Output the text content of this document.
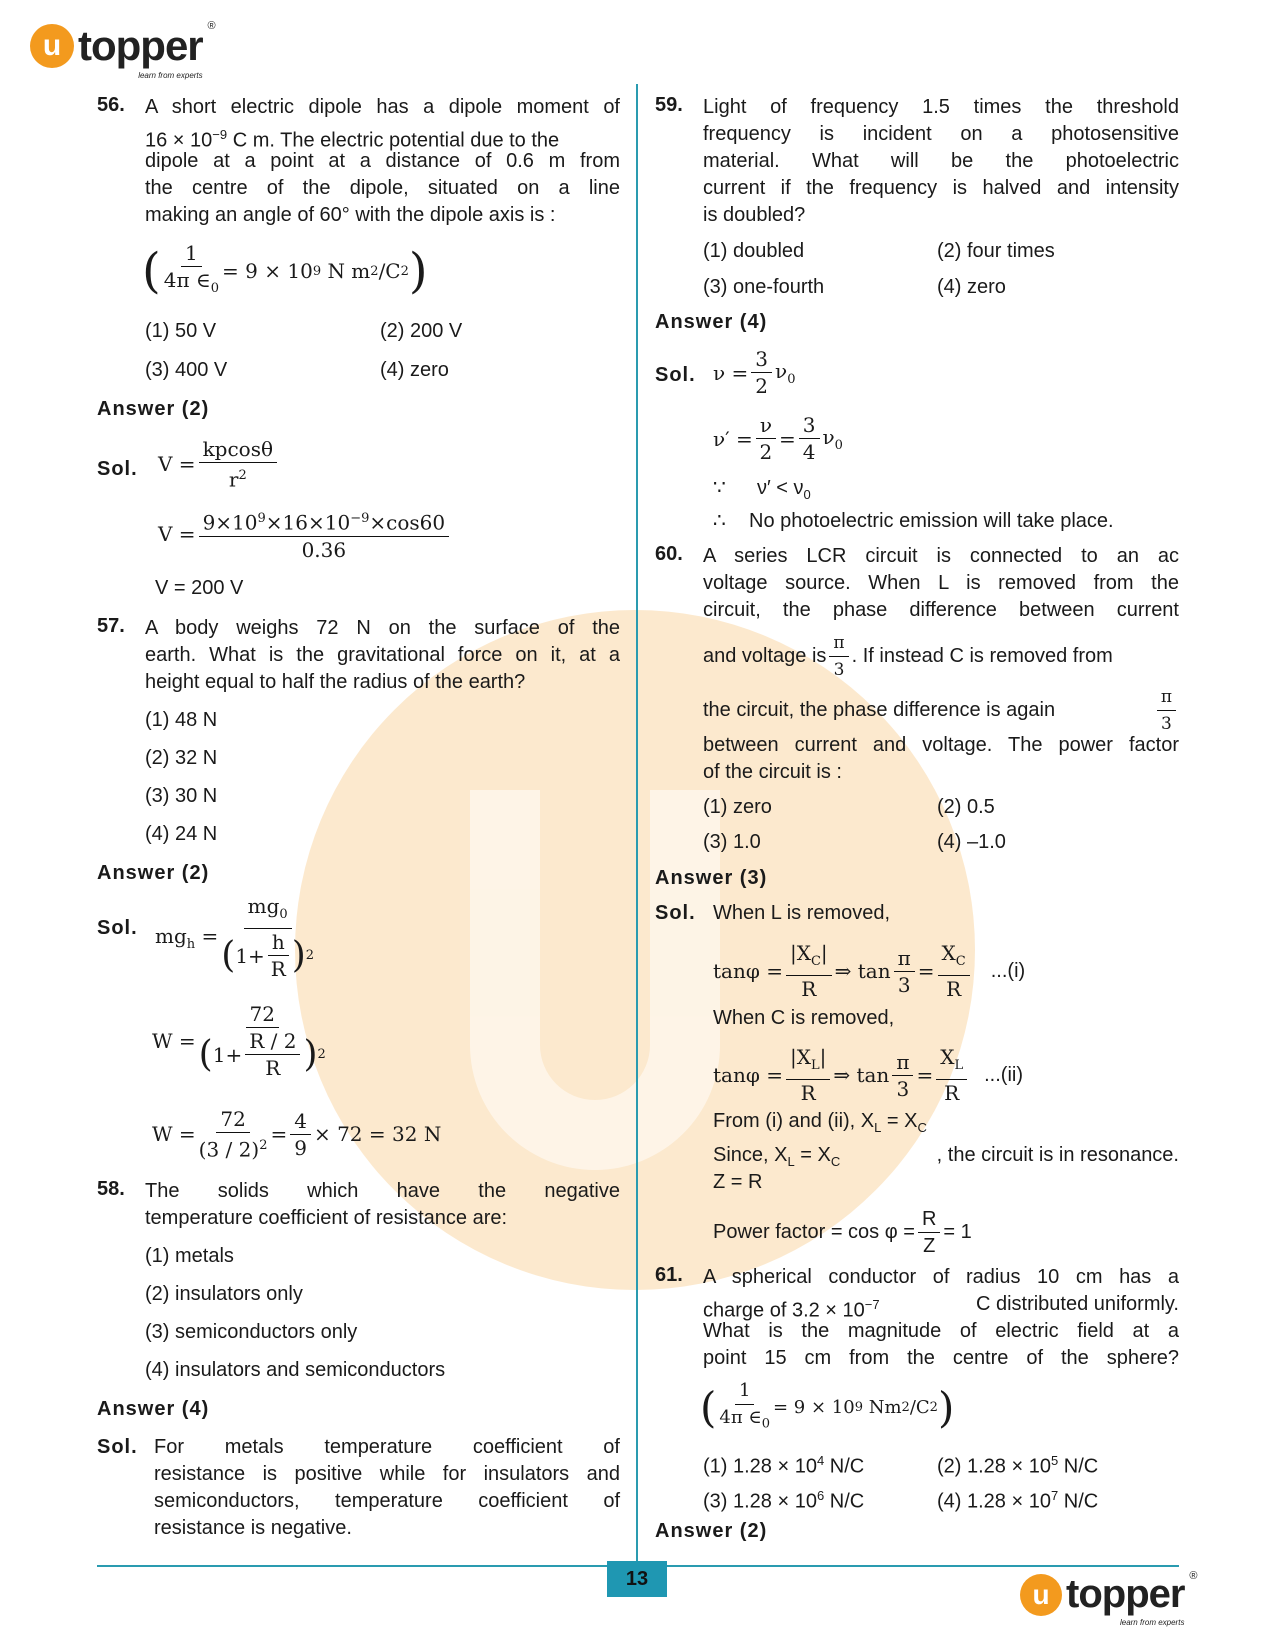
u topper ®
learn from experts
56. A short electric dipole has a dipole moment of
$16 \times 10^{-9}$ C m. The electric potential due to the
dipole at a point at a distance of 0.6 m from
the centre of the dipole, situated on a line
making an angle of 60° with the dipole axis is :
( $\frac{1}{4\pi \in_0} = 9 \times 10$ 9
N m 2 /C 2 )
(1) 50 V	(2) 200 V
(3) 400 V	(4) zero
Answer (2)
Sol. $V = \frac{kpcos\theta}{r^2}$
$V = \frac{9\times 10^9\times 16\times 10^{-9}\times\cos 60}{0.36}$
V = 200 V
57. A body weighs 72 N on the surface of the
earth. What is the gravitational force on it, at a
height equal to half the radius of the earth?
(1) 48 N
(2) 32 N
(3) 30 N
(4) 24 N
Answer (2)
Sol. $mg_h = \frac{mg_0}{( 1+ \frac{h}{R} ) 2}$
$W = \frac{72}{( 1+ \frac{R / 2}{R} ) 2}$
$W = \frac{72}{(3 / 2)^2} = \frac{4}{9} \times 72 = 32$ N
58. The solids which have the negative
temperature coefficient of resistance are:
(1) metals
(2) insulators only
(3) semiconductors only
(4) insulators and semiconductors
Answer (4)
Sol. For metals temperature coefficient of
resistance is positive while for insulators and
semiconductors, temperature coefficient of
resistance is negative.
59. Light of frequency 1.5 times the threshold
frequency is incident on a photosensitive
material. What will be the photoelectric
current if the frequency is halved and intensity
is doubled?
(1) doubled	(2) four times
(3) one-fourth	(4) zero
Answer (4)
Sol. $\nu = \frac{3}{2} \nu_0$
$\nu' = \frac{\nu}{2} = \frac{3}{4} \nu_0$
∵ $\nu' < \nu_0$
∴ No photoelectric emission will take place.
60. A series LCR circuit is connected to an ac
voltage source. When L is removed from the
circuit, the phase difference between current
and voltage is $\frac{\pi}{3}$ . If instead C is removed from
the circuit, the phase difference is again	$\frac{\pi}{3}$
between current and voltage. The power factor
of the circuit is :
(1) zero	(2) 0.5
(3) 1.0	(4) –1.0
Answer (3)
Sol. When L is removed,
$\tan\varphi = \frac{|X_C|}{R}$ ⇒ $\tan \frac{\pi}{3} = \frac{X_C}{R} ...(i)$
When C is removed,
$\tan\varphi = \frac{|X_L|}{R}$ ⇒ $\tan \frac{\pi}{3} = \frac{X_L}{R} ...(ii)$
From (i) and (ii), $X_L = X_C$
Since, $X_L = X_C$	, the circuit is in resonance.
Z = R
Power factor = $\cos \varphi = \frac{R}{Z} = 1$
61. A spherical conductor of radius 10 cm has a
charge of $3.2 \times 10^{-7}$	C distributed uniformly.
What is the magnitude of electric field at a
point 15 cm from the centre of the sphere?
( $\frac{1}{4\pi \in_0} = 9 \times 10$ 9
Nm 2 /C 2 )
(1) $1.28 \times 10^4$ N/C	(2) $1.28 \times 10^5$ N/C
(3) $1.28 \times 10^6$ N/C	(4) $1.28 \times 10^7$ N/C
Answer (2)
13	u topper ®
learn from experts
